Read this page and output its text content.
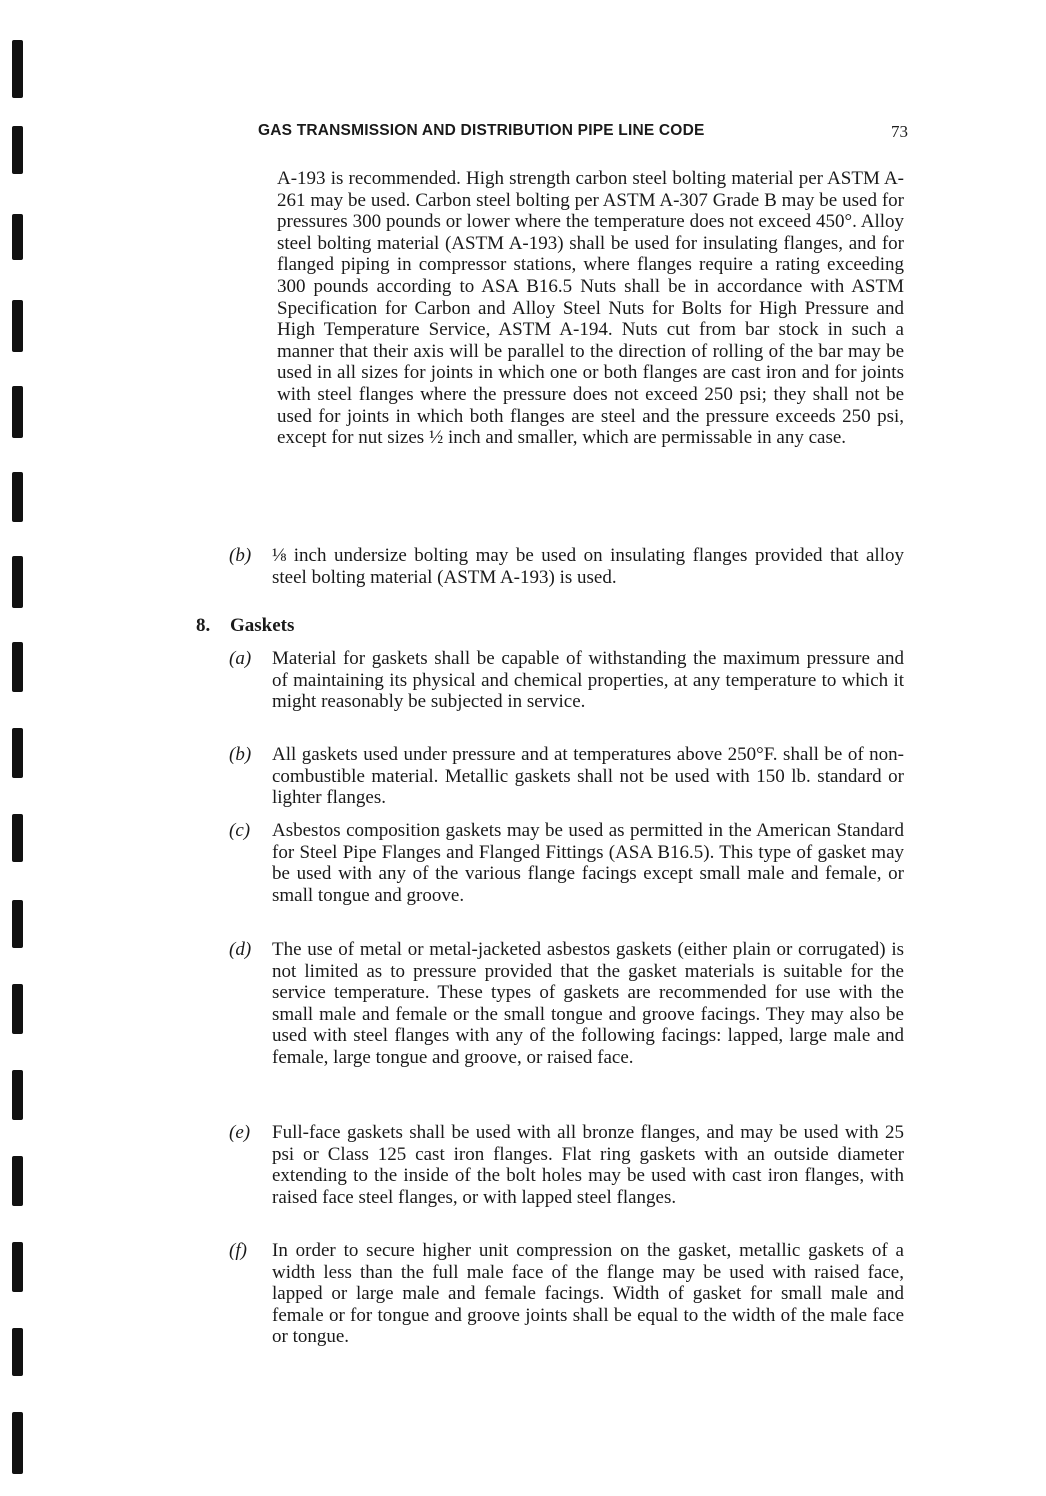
GAS TRANSMISSION AND DISTRIBUTION PIPE LINE CODE	73
A-193 is recommended. High strength carbon steel bolting material per ASTM A-261 may be used. Carbon steel bolting per ASTM A-307 Grade B may be used for pressures 300 pounds or lower where the temperature does not exceed 450°. Alloy steel bolting material (ASTM A-193) shall be used for insulating flanges, and for flanged piping in compressor stations, where flanges require a rating exceeding 300 pounds according to ASA B16.5 Nuts shall be in accordance with ASTM Specification for Carbon and Alloy Steel Nuts for Bolts for High Pressure and High Temperature Service, ASTM A-194. Nuts cut from bar stock in such a manner that their axis will be parallel to the direction of rolling of the bar may be used in all sizes for joints in which one or both flanges are cast iron and for joints with steel flanges where the pressure does not exceed 250 psi; they shall not be used for joints in which both flanges are steel and the pressure exceeds 250 psi, except for nut sizes ½ inch and smaller, which are permissable in any case.
(b)	⅛ inch undersize bolting may be used on insulating flanges provided that alloy steel bolting material (ASTM A-193) is used.
8. Gaskets
(a)	Material for gaskets shall be capable of withstanding the maximum pressure and of maintaining its physical and chemical properties, at any temperature to which it might reasonably be subjected in service.
(b)	All gaskets used under pressure and at temperatures above 250°F. shall be of non-combustible material. Metallic gaskets shall not be used with 150 lb. standard or lighter flanges.
(c)	Asbestos composition gaskets may be used as permitted in the American Standard for Steel Pipe Flanges and Flanged Fittings (ASA B16.5). This type of gasket may be used with any of the various flange facings except small male and female, or small tongue and groove.
(d)	The use of metal or metal-jacketed asbestos gaskets (either plain or corrugated) is not limited as to pressure provided that the gasket materials is suitable for the service temperature. These types of gaskets are recommended for use with the small male and female or the small tongue and groove facings. They may also be used with steel flanges with any of the following facings: lapped, large male and female, large tongue and groove, or raised face.
(e)	Full-face gaskets shall be used with all bronze flanges, and may be used with 25 psi or Class 125 cast iron flanges. Flat ring gaskets with an outside diameter extending to the inside of the bolt holes may be used with cast iron flanges, with raised face steel flanges, or with lapped steel flanges.
(f)	In order to secure higher unit compression on the gasket, metallic gaskets of a width less than the full male face of the flange may be used with raised face, lapped or large male and female facings. Width of gasket for small male and female or for tongue and groove joints shall be equal to the width of the male face or tongue.
